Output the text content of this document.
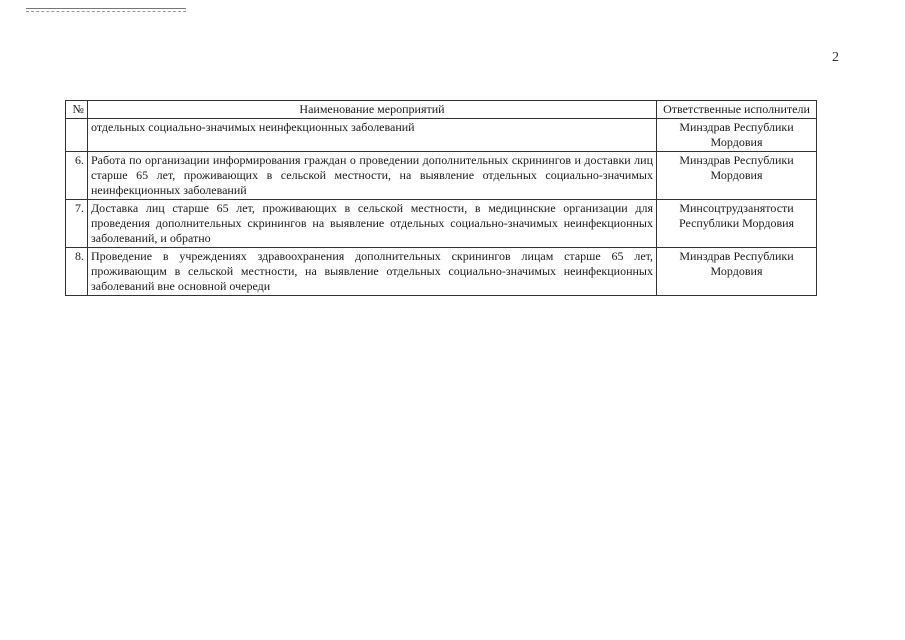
2
№	Наименование мероприятий	Ответственные исполнители
	отдельных социально-значимых неинфекционных заболеваний	Минздрав Республики Мордовия
6.	Работа по организации информирования граждан о проведении дополнительных скринингов и доставки лиц старше 65 лет, проживающих в сельской местности, на выявление отдельных социально-значимых неинфекционных заболеваний	Минздрав Республики Мордовия
7.	Доставка лиц старше 65 лет, проживающих в сельской местности, в медицинские организации для проведения дополнительных скринингов на выявление отдельных социально-значимых неинфекционных заболеваний, и обратно	Минсоцтрудзанятости Республики Мордовия
8.	Проведение в учреждениях здравоохранения дополнительных скринингов лицам старше 65 лет, проживающим в сельской местности, на выявление отдельных социально-значимых неинфекционных заболеваний вне основной очереди	Минздрав Республики Мордовия
